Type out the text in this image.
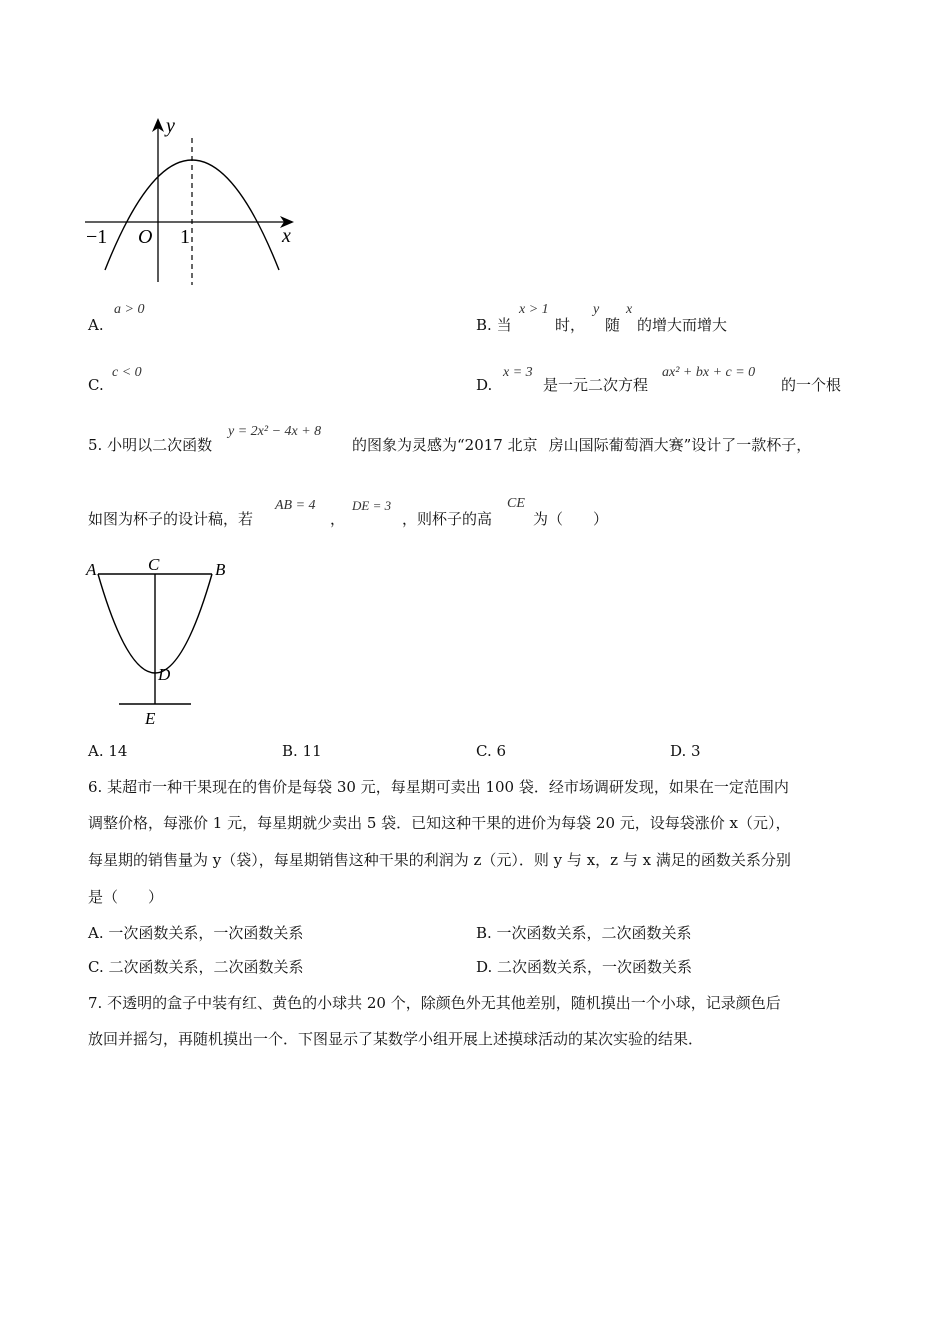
y
x
−1 O 1
A.
a > 0
B. 当
x > 1
时，
y
随
x
的增大而增大
C.
c < 0
D.
x = 3
是一元二次方程
ax² + bx + c = 0
的一个根
5. 小明以二次函数
y = 2x² − 4x + 8
的图象为灵感为“2017 北京 房山国际葡萄酒大赛”设计了一款杯子，
如图为杯子的设计稿，若
AB = 4
，
DE = 3
，则杯子的高
CE
为（　　）
A	C	B
D
E
A. 14	B. 11	C. 6	D. 3
6. 某超市一种干果现在的售价是每袋 30 元，每星期可卖出 100 袋．经市场调研发现，如果在一定范围内
调整价格，每涨价 1 元，每星期就少卖出 5 袋．已知这种干果的进价为每袋 20 元，设每袋涨价 x（元），
每星期的销售量为 y（袋），每星期销售这种干果的利润为 z（元）．则 y 与 x，z 与 x 满足的函数关系分别
是（　　）
A. 一次函数关系，一次函数关系	B. 一次函数关系，二次函数关系
C. 二次函数关系，二次函数关系	D. 二次函数关系，一次函数关系
7. 不透明的盒子中装有红、黄色的小球共 20 个，除颜色外无其他差别，随机摸出一个小球，记录颜色后
放回并摇匀，再随机摸出一个．下图显示了某数学小组开展上述摸球活动的某次实验的结果．
